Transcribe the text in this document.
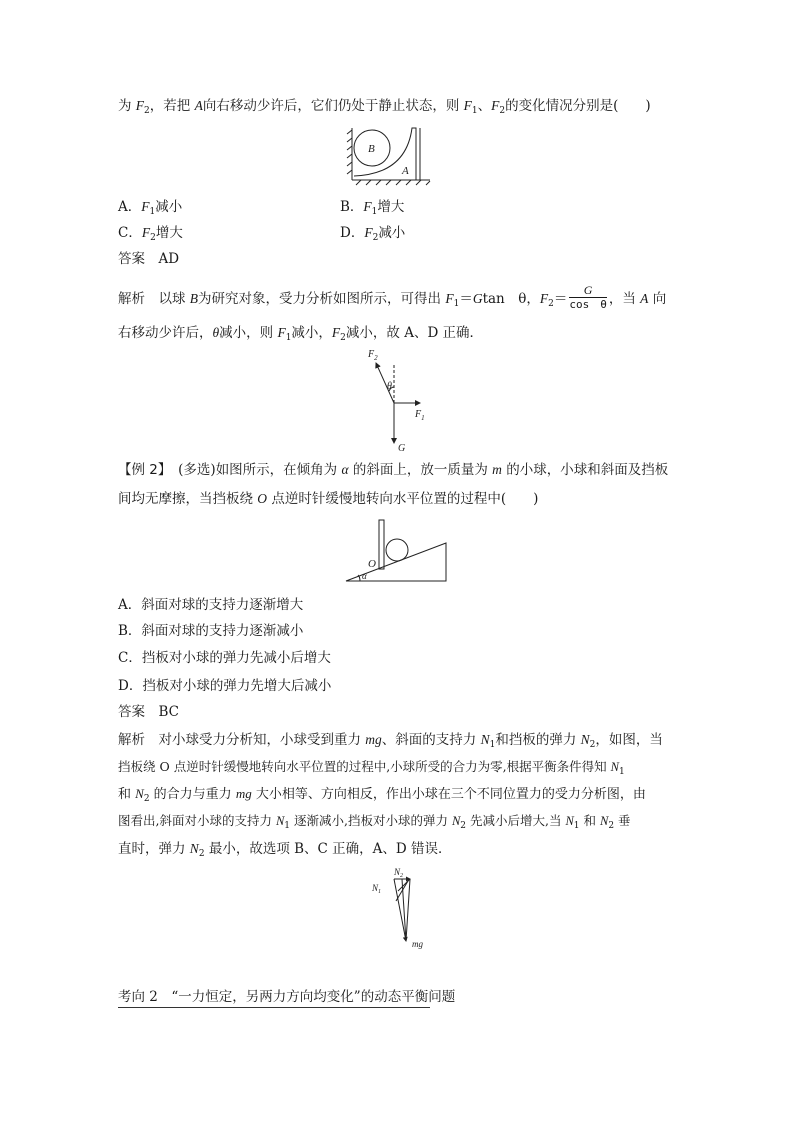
为 $F_2$，若把 A向右移动少许后，它们仍处于静止状态，则 $F_1$、$F_2$的变化情况分别是(　　)
B
A
A．$F_1$减小	B．$F_1$增大
C．$F_2$增大	D．$F_2$减小
答案　 AD
解析　 以球 B为研究对象，受力分析如图所示，可得出 $F_1=Gtan$　θ，$F_2= \frac{G}{\text{cos　θ}}$ ，当 A 向
右移动少许后，θ减小，则 $F_1$减小，$F_2$减小，故 A、D 正确．
$F_2$
θ
$F_1$
G
【例 2】　 (多选)如图所示，在倾角为 α 的斜面上，放一质量为 m 的小球，小球和斜面及挡板
间均无摩擦，当挡板绕 O 点逆时针缓慢地转向水平位置的过程中(　　)
O
α
A．斜面对球的支持力逐渐增大
B．斜面对球的支持力逐渐减小
C．挡板对小球的弹力先减小后增大
D．挡板对小球的弹力先增大后减小
答案　 BC
解析　 对小球受力分析知，小球受到重力 mg、斜面的支持力 $N_1$和挡板的弹力 $N_2$，如图，当
挡板绕 O 点逆时针缓慢地转向水平位置的过程中,小球所受的合力为零,根据平衡条件得知 $N_1$
和 $N_2$ 的合力与重力 mg 大小相等、方向相反，作出小球在三个不同位置力的受力分析图，由
图看出,斜面对小球的支持力 $N_1$ 逐渐减小,挡板对小球的弹力 $N_2$ 先减小后增大,当 $N_1$ 和 $N_2$ 垂
直时，弹力 $N_2$ 最小，故选项 B、C 正确，A、D 错误．
$N_2$
$N_1$
mg
考向 2　 “一力恒定，另两力方向均变化”的动态平衡问题
